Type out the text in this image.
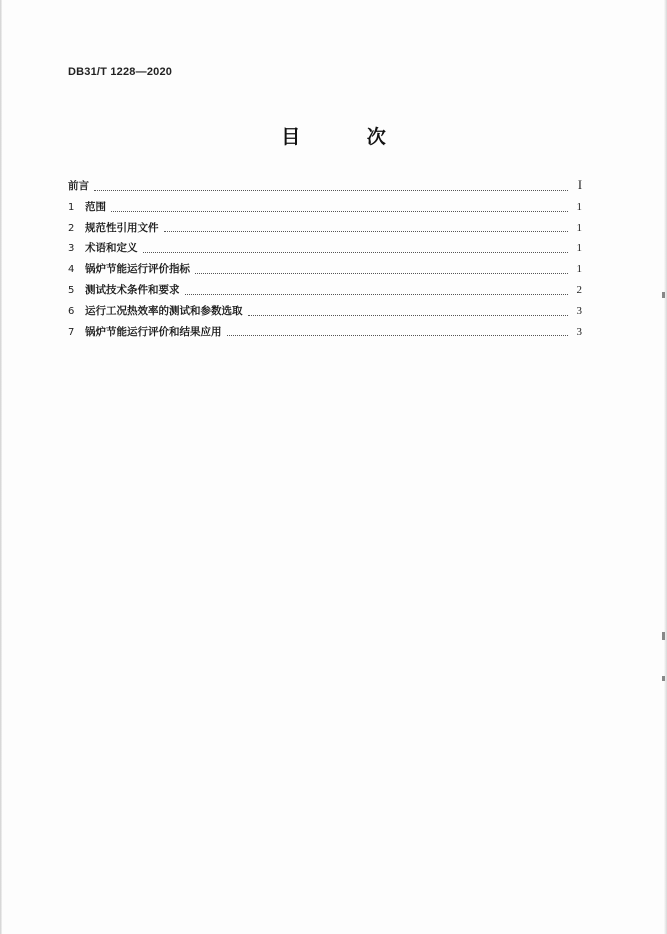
DB31/T 1228—2020
目 次
前言	I
1	范围	1
2	规范性引用文件	1
3	术语和定义	1
4	锅炉节能运行评价指标	1
5	测试技术条件和要求	2
6	运行工况热效率的测试和参数选取	3
7	锅炉节能运行评价和结果应用	3
